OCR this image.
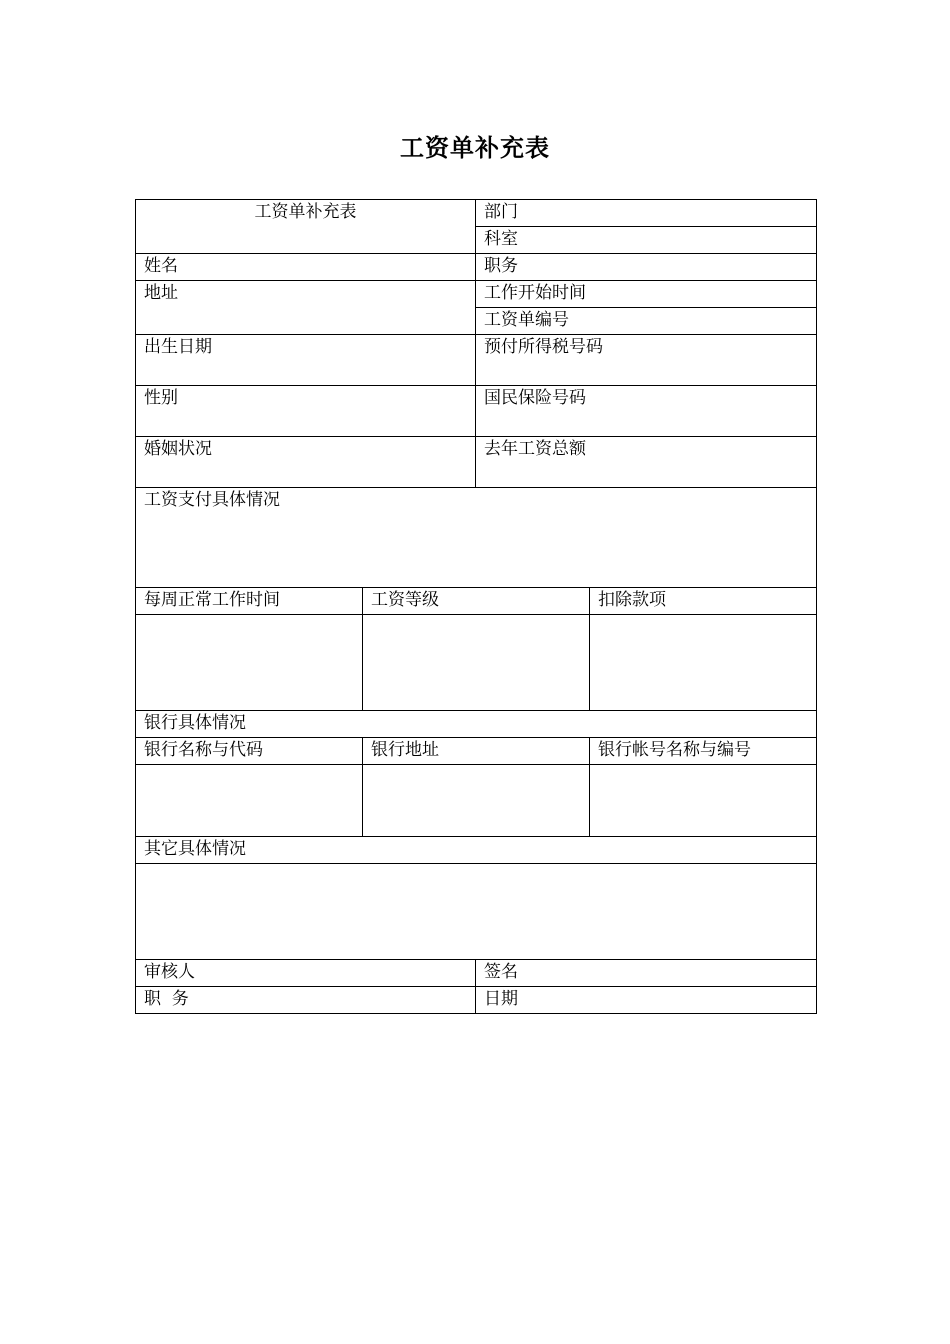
工资单补充表
工资单补充表		部门	
		科室	
姓名		职务	
地址		工作开始时间	
		工资单编号	
出生日期		预付所得税号码	
性别		国民保险号码	
婚姻状况		去年工资总额	
工资支付具体情况			
每周正常工作时间	工资等级		扣除款项

银行具体情况			
银行名称与代码	银行地址		银行帐号名称与编号

其它具体情况			

审核人		签名	
职  务		日期	
